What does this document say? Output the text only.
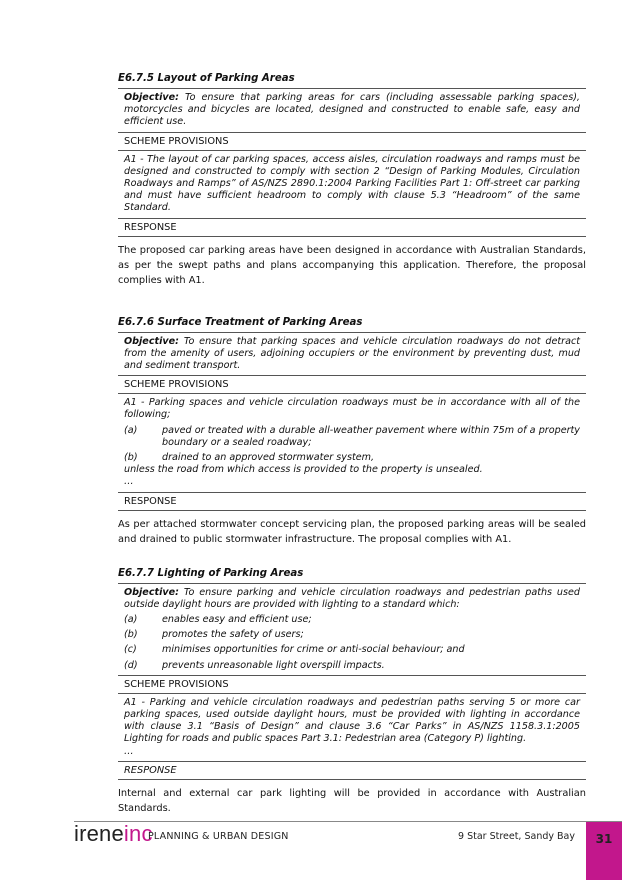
E6.7.5 Layout of Parking Areas
Objective: To ensure that parking areas for cars (including assessable parking spaces), motorcycles and bicycles are located, designed and constructed to enable safe, easy and efficient use.
SCHEME PROVISIONS
A1 - The layout of car parking spaces, access aisles, circulation roadways and ramps must be designed and constructed to comply with section 2 “Design of Parking Modules, Circulation Roadways and Ramps” of AS/NZS 2890.1:2004 Parking Facilities Part 1: Off-street car parking and must have sufficient headroom to comply with clause 5.3 “Headroom” of the same Standard.
RESPONSE

The proposed car parking areas have been designed in accordance with Australian Standards, as per the swept paths and plans accompanying this application. Therefore, the proposal complies with A1.

E6.7.6 Surface Treatment of Parking Areas
Objective: To ensure that parking spaces and vehicle circulation roadways do not detract from the amenity of users, adjoining occupiers or the environment by preventing dust, mud and sediment transport.
SCHEME PROVISIONS

A1 - Parking spaces and vehicle circulation roadways must be in accordance with all of the following;

(a)	paved or treated with a durable all-weather pavement where within 75m of a property boundary or a sealed roadway;
(b)	drained to an approved stormwater system,

unless the road from which access is provided to the property is unsealed.

…

RESPONSE

As per attached stormwater concept servicing plan, the proposed parking areas will be sealed and drained to public stormwater infrastructure. The proposal complies with A1.

E6.7.7 Lighting of Parking Areas
Objective: To ensure parking and vehicle circulation roadways and pedestrian paths used outside daylight hours are provided with lighting to a standard which:
(a)	enables easy and efficient use;
(b)	promotes the safety of users;
(c)	minimises opportunities for crime or anti-social behaviour; and
(d)	prevents unreasonable light overspill impacts.
SCHEME PROVISIONS

A1 - Parking and vehicle circulation roadways and pedestrian paths serving 5 or more car parking spaces, used outside daylight hours, must be provided with lighting in accordance with clause 3.1 “Basis of Design” and clause 3.6 “Car Parks” in AS/NZS 1158.3.1:2005 Lighting for roads and public spaces Part 3.1: Pedestrian area (Category P) lighting.

…

RESPONSE

Internal and external car park lighting will be provided in accordance with Australian Standards.

ireneinc
PLANNING & URBAN DESIGN	9 Star Street, Sandy Bay	31
